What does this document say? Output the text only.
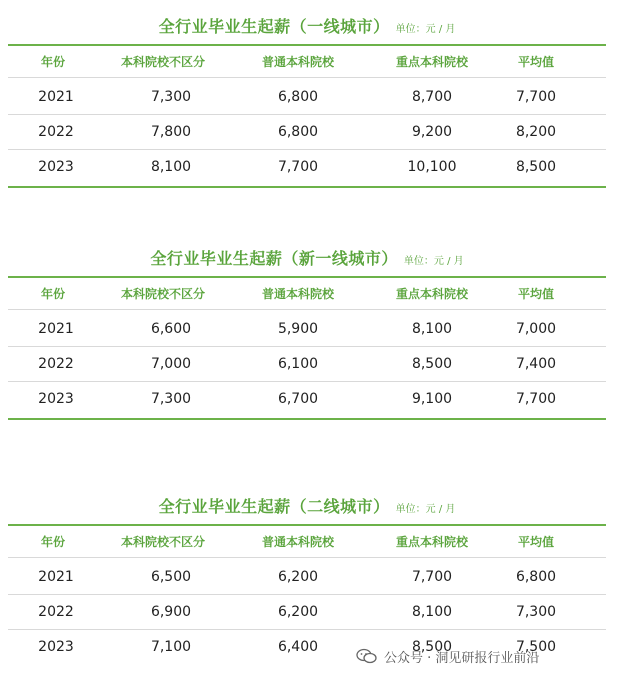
全行业毕业生起薪（一线城市） 单位：元 / 月
年份	本科院校不区分	普通本科院校	重点本科院校	平均值
2021	7,300	6,800	8,700	7,700
2022	7,800	6,800	9,200	8,200
2023	8,100	7,700	10,100	8,500
全行业毕业生起薪（新一线城市） 单位：元 / 月
年份	本科院校不区分	普通本科院校	重点本科院校	平均值
2021	6,600	5,900	8,100	7,000
2022	7,000	6,100	8,500	7,400
2023	7,300	6,700	9,100	7,700
全行业毕业生起薪（二线城市） 单位：元 / 月
年份	本科院校不区分	普通本科院校	重点本科院校	平均值
2021	6,500	6,200	7,700	6,800
2022	6,900	6,200	8,100	7,300
2023	7,100	6,400	8,500	7,500
公众号 · 洞见研报行业前沿
